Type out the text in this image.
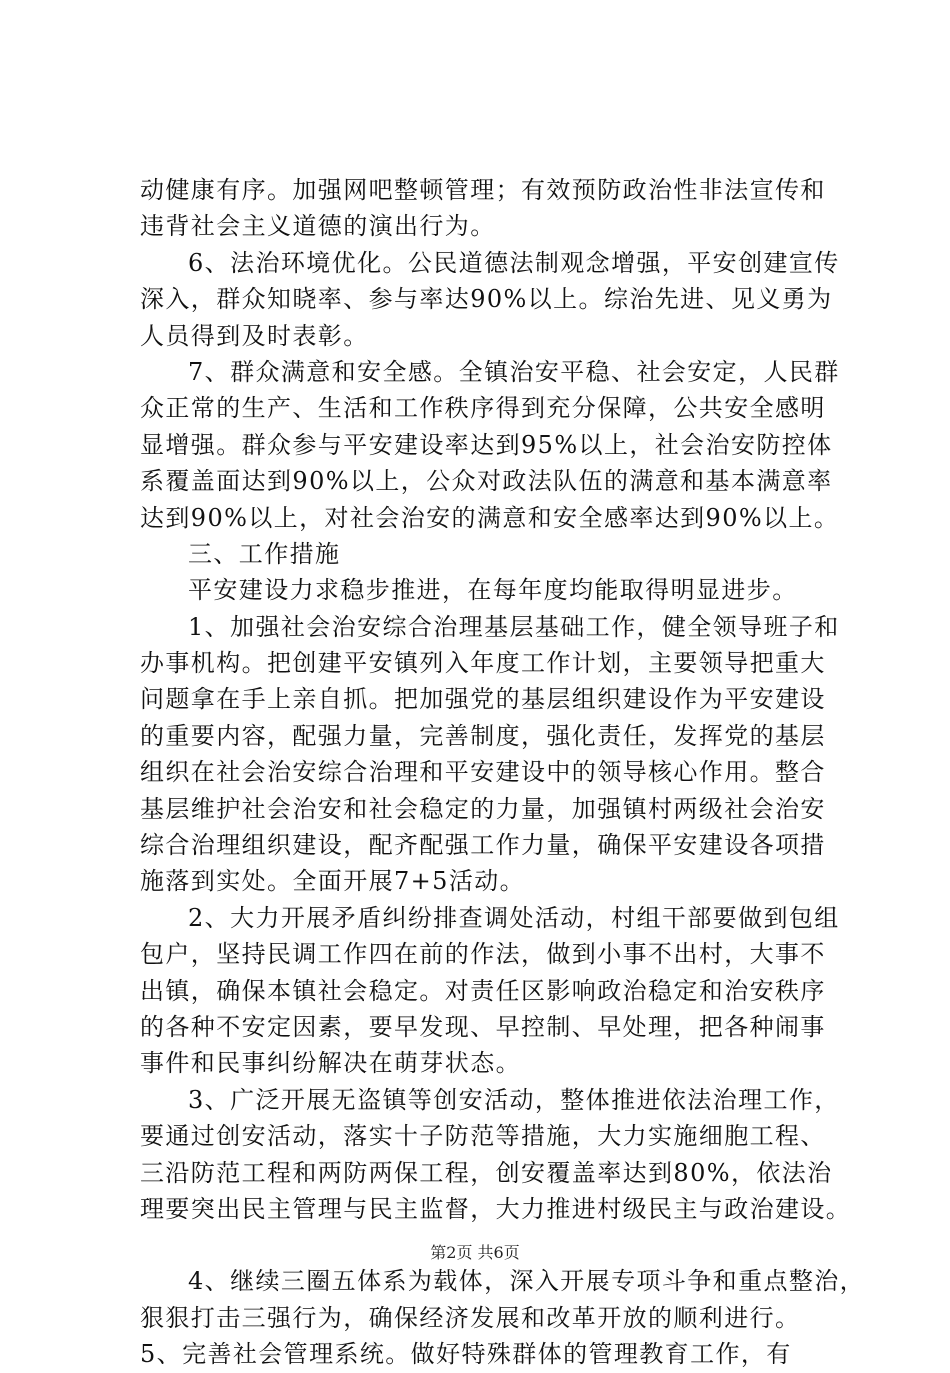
动健康有序。加强网吧整顿管理；有效预防政治性非法宣传和
违背社会主义道德的演出行为。
6、法治环境优化。公民道德法制观念增强，平安创建宣传
深入，群众知晓率、参与率达90%以上。综治先进、见义勇为
人员得到及时表彰。
7、群众满意和安全感。全镇治安平稳、社会安定，人民群
众正常的生产、生活和工作秩序得到充分保障，公共安全感明
显增强。群众参与平安建设率达到95%以上，社会治安防控体
系覆盖面达到90%以上，公众对政法队伍的满意和基本满意率
达到90%以上，对社会治安的满意和安全感率达到90%以上。
三、工作措施
平安建设力求稳步推进，在每年度均能取得明显进步。
1、加强社会治安综合治理基层基础工作，健全领导班子和
办事机构。把创建平安镇列入年度工作计划，主要领导把重大
问题拿在手上亲自抓。把加强党的基层组织建设作为平安建设
的重要内容，配强力量，完善制度，强化责任，发挥党的基层
组织在社会治安综合治理和平安建设中的领导核心作用。整合
基层维护社会治安和社会稳定的力量，加强镇村两级社会治安
综合治理组织建设，配齐配强工作力量，确保平安建设各项措
施落到实处。全面开展7+5活动。
2、大力开展矛盾纠纷排查调处活动，村组干部要做到包组
包户，坚持民调工作四在前的作法，做到小事不出村，大事不
出镇，确保本镇社会稳定。对责任区影响政治稳定和治安秩序
的各种不安定因素，要早发现、早控制、早处理，把各种闹事
事件和民事纠纷解决在萌芽状态。
3、广泛开展无盗镇等创安活动，整体推进依法治理工作，
要通过创安活动，落实十子防范等措施，大力实施细胞工程、
三沿防范工程和两防两保工程，创安覆盖率达到80%，依法治
理要突出民主管理与民主监督，大力推进村级民主与政治建设。
4、继续三圈五体系为载体，深入开展专项斗争和重点整治，
狠狠打击三强行为，确保经济发展和改革开放的顺利进行。
5、完善社会管理系统。做好特殊群体的管理教育工作，有
第2页 共6页
